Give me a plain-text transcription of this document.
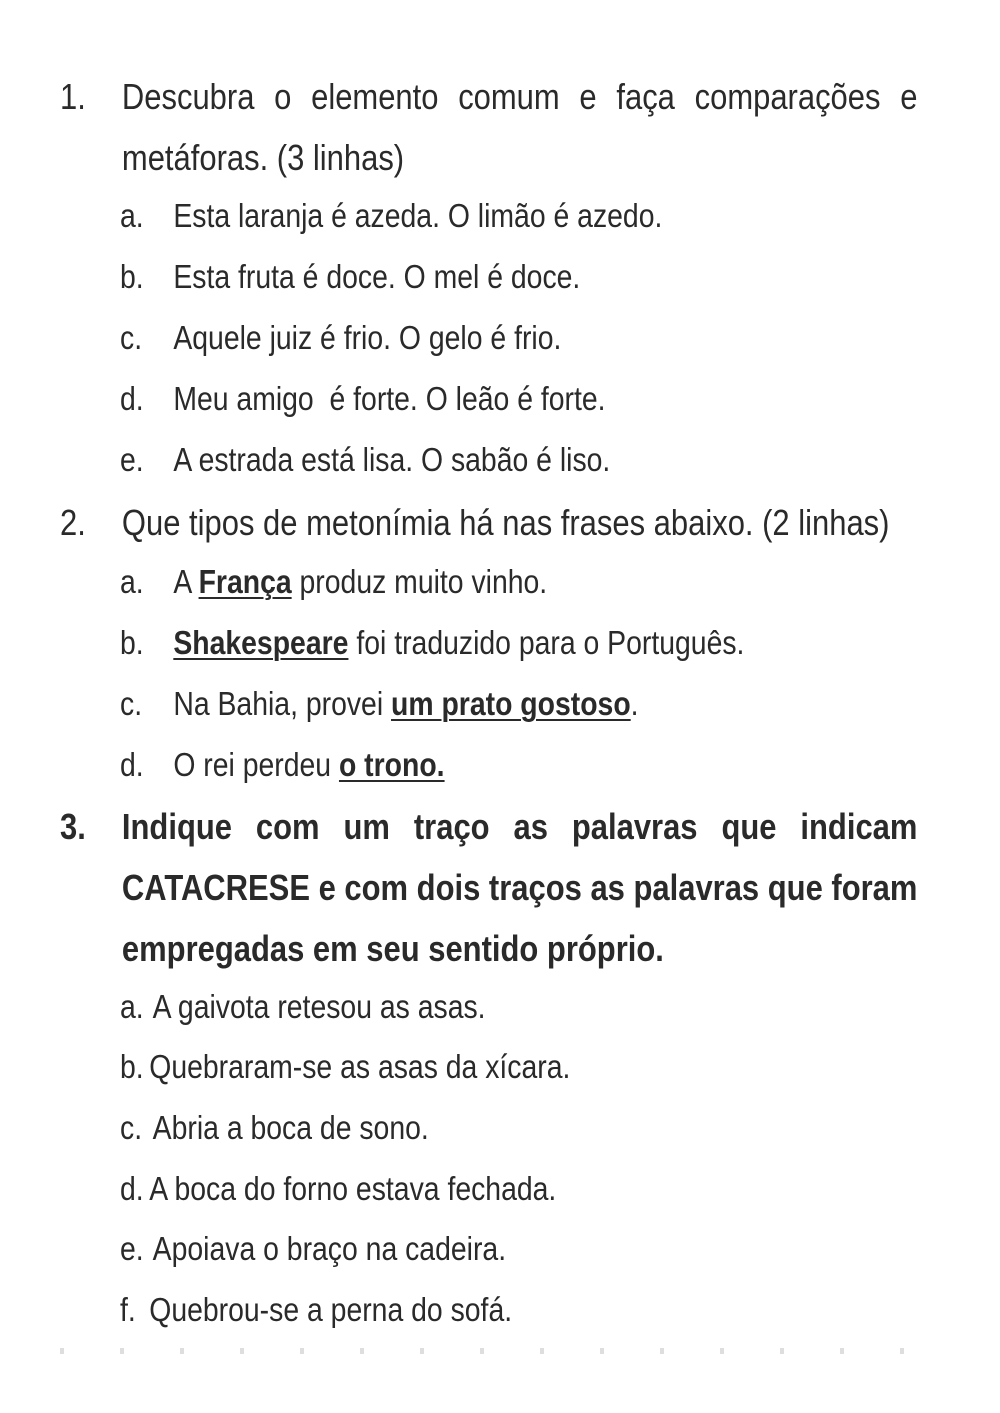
1. Descubra o elemento comum e faça comparações e metáforas. (3 linhas)
a. Esta laranja é azeda. O limão é azedo.
b. Esta fruta é doce. O mel é doce.
c. Aquele juiz é frio. O gelo é frio.
d. Meu amigo  é forte. O leão é forte.
e. A estrada está lisa. O sabão é liso.
2. Que tipos de metonímia há nas frases abaixo. (2 linhas)
a. A França produz muito vinho.
b. Shakespeare foi traduzido para o Português.
c. Na Bahia, provei um prato gostoso.
d. O rei perdeu o trono.
3. Indique com um traço as palavras que indicam
CATACRESE e com dois traços as palavras que foram
empregadas em seu sentido próprio.
a. A gaivota retesou as asas.
b. Quebraram-se as asas da xícara.
c. Abria a boca de sono.
d. A boca do forno estava fechada.
e. Apoiava o braço na cadeira.
f. Quebrou-se a perna do sofá.
